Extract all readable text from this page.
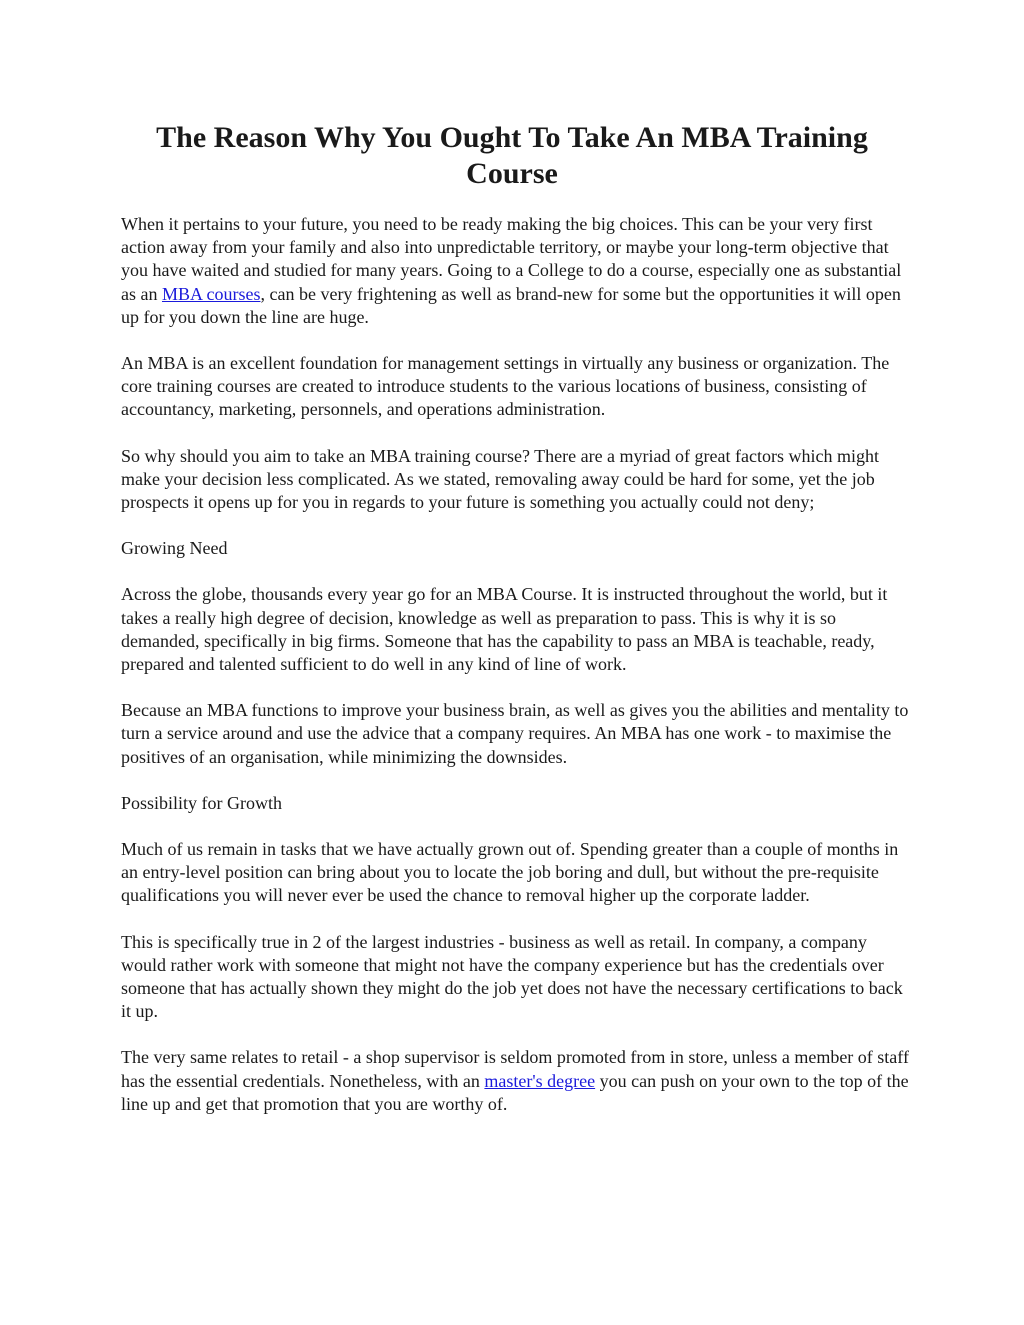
The Reason Why You Ought To Take An MBA Training Course

When it pertains to your future, you need to be ready making the big choices. This can be your very first action away from your family and also into unpredictable territory, or maybe your long-term objective that you have waited and studied for many years. Going to a College to do a course, especially one as substantial as an MBA courses, can be very frightening as well as brand-new for some but the opportunities it will open up for you down the line are huge.

An MBA is an excellent foundation for management settings in virtually any business or organization. The core training courses are created to introduce students to the various locations of business, consisting of accountancy, marketing, personnels, and operations administration.

So why should you aim to take an MBA training course? There are a myriad of great factors which might make your decision less complicated. As we stated, removaling away could be hard for some, yet the job prospects it opens up for you in regards to your future is something you actually could not deny;

Growing Need

Across the globe, thousands every year go for an MBA Course. It is instructed throughout the world, but it takes a really high degree of decision, knowledge as well as preparation to pass. This is why it is so demanded, specifically in big firms. Someone that has the capability to pass an MBA is teachable, ready, prepared and talented sufficient to do well in any kind of line of work.

Because an MBA functions to improve your business brain, as well as gives you the abilities and mentality to turn a service around and use the advice that a company requires. An MBA has one work - to maximise the positives of an organisation, while minimizing the downsides.

Possibility for Growth

Much of us remain in tasks that we have actually grown out of. Spending greater than a couple of months in an entry-level position can bring about you to locate the job boring and dull, but without the pre-requisite qualifications you will never ever be used the chance to removal higher up the corporate ladder.

This is specifically true in 2 of the largest industries - business as well as retail. In company, a company would rather work with someone that might not have the company experience but has the credentials over someone that has actually shown they might do the job yet does not have the necessary certifications to back it up.

The very same relates to retail - a shop supervisor is seldom promoted from in store, unless a member of staff has the essential credentials. Nonetheless, with an master's degree you can push on your own to the top of the line up and get that promotion that you are worthy of.
